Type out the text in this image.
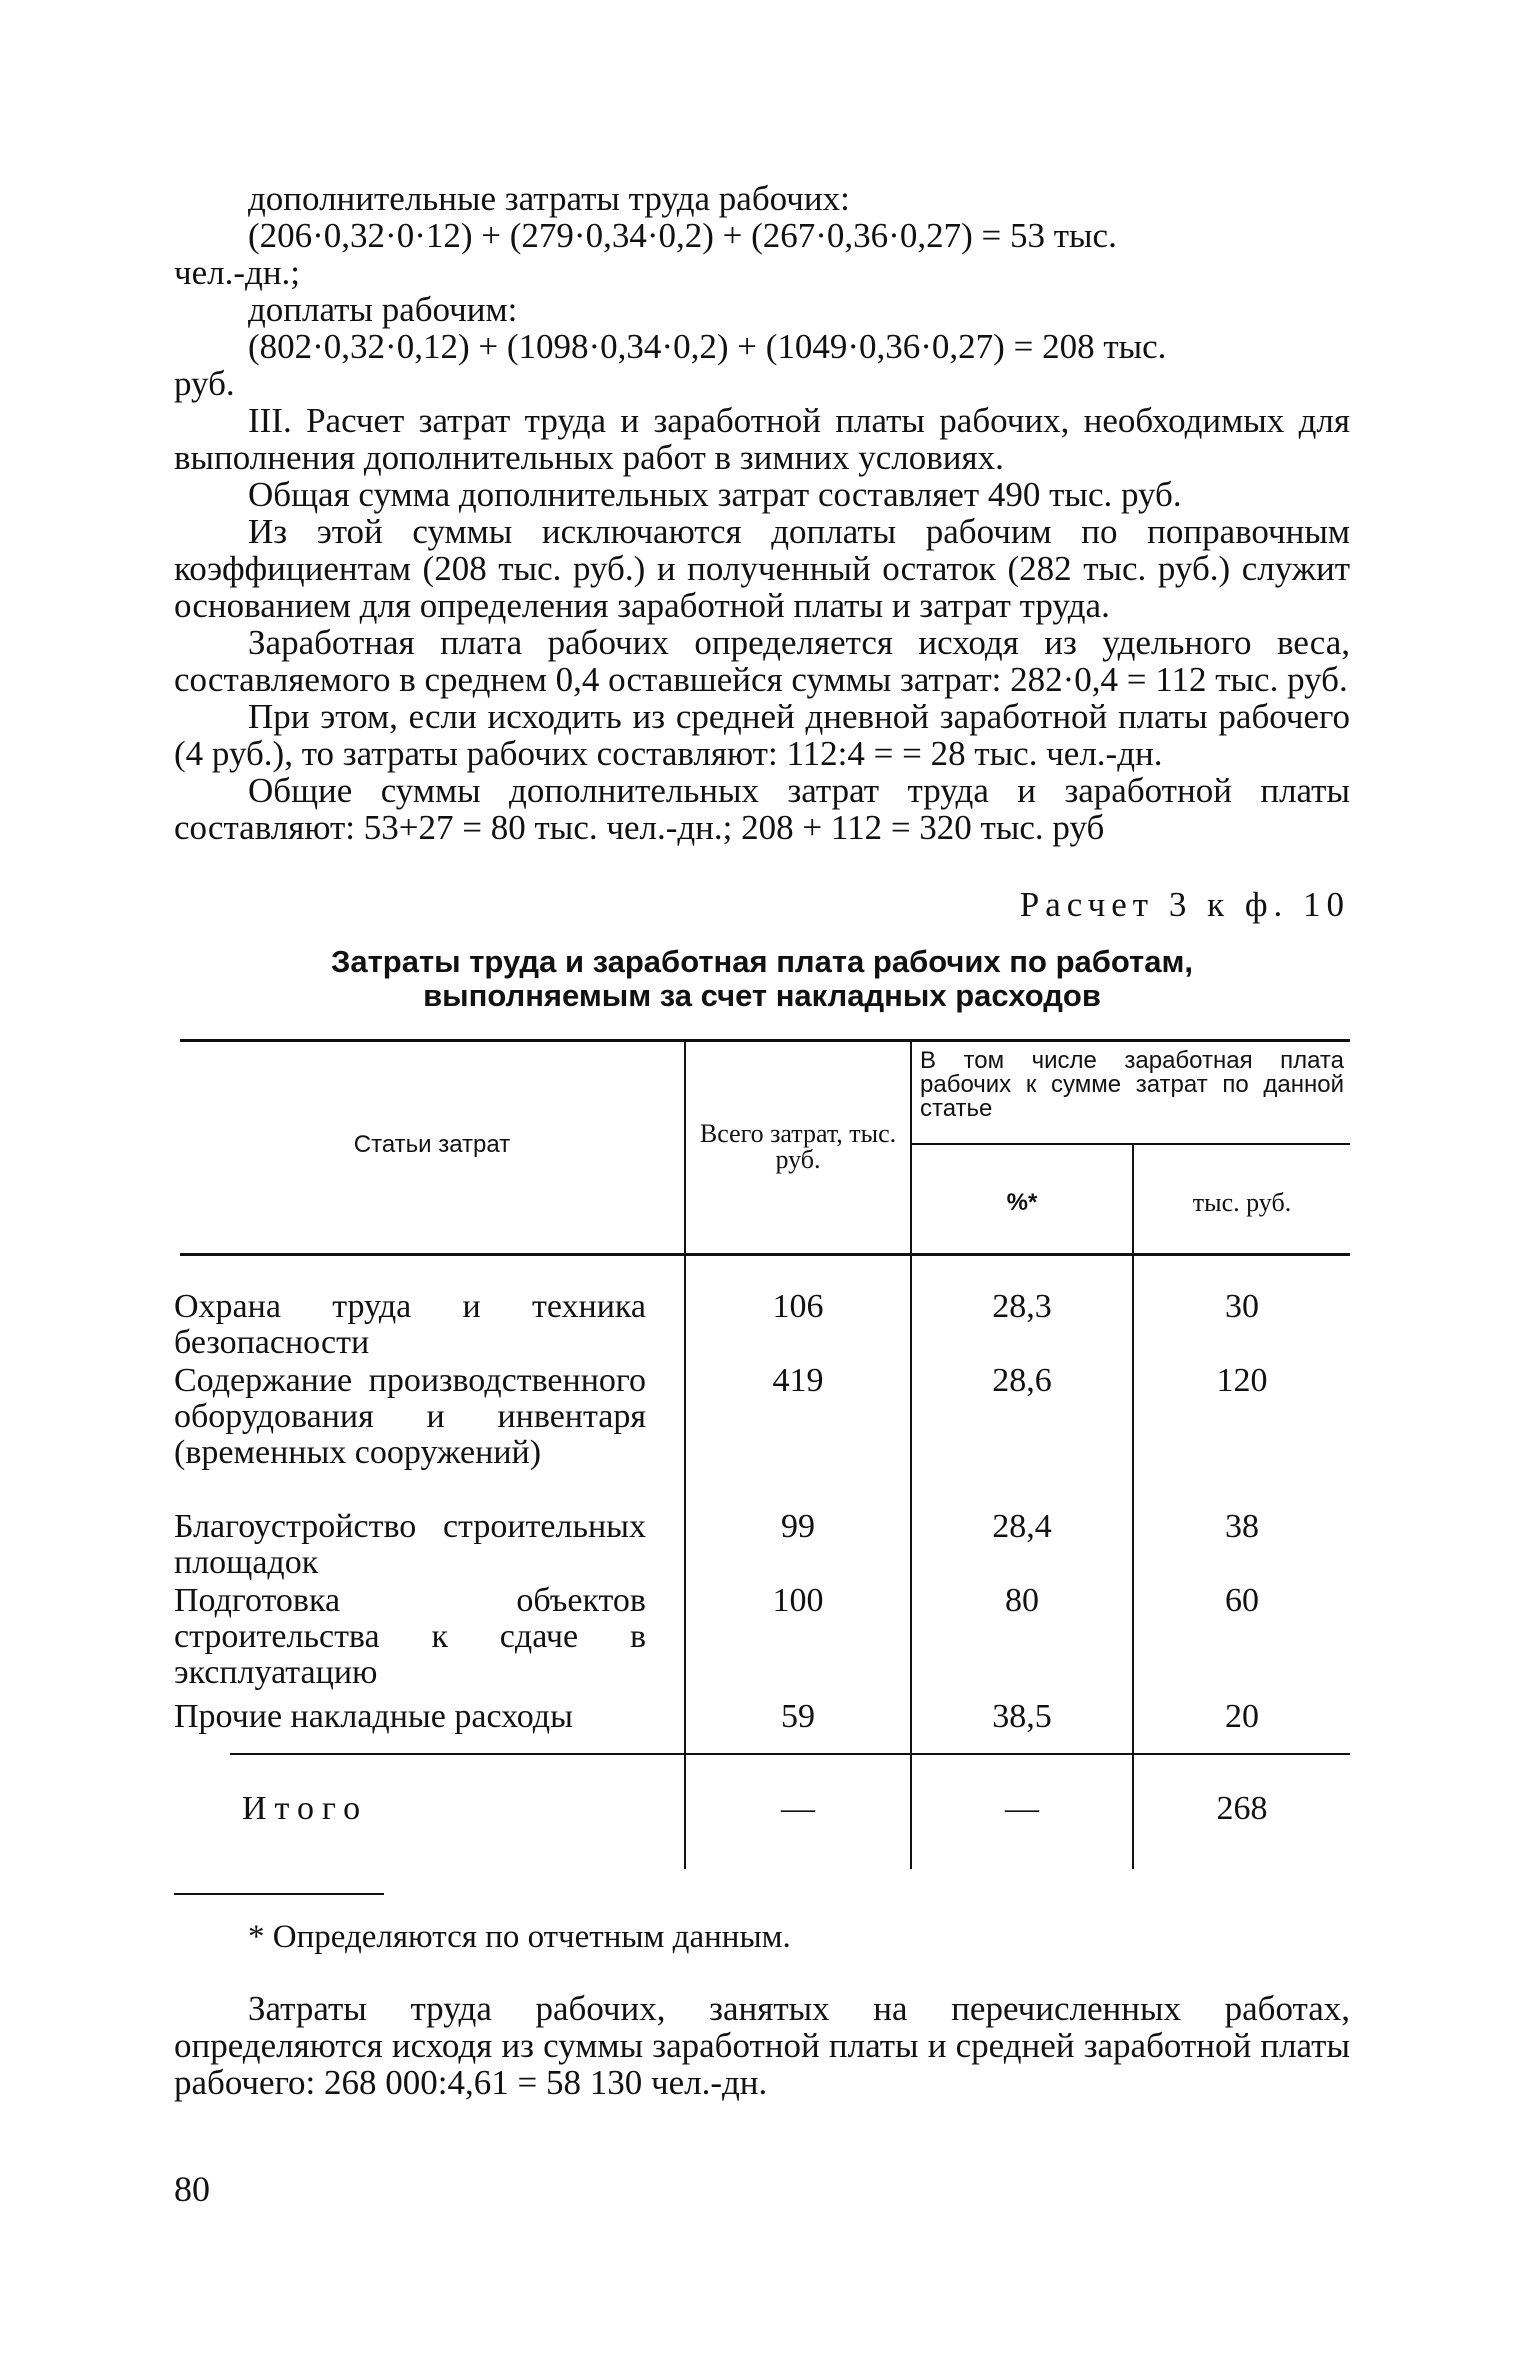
дополнительные затраты труда рабочих:

(206·0,32·0·12) + (279·0,34·0,2) + (267·0,36·0,27) = 53 тыс.

чел.-дн.;

доплаты рабочим:

(802·0,32·0,12) + (1098·0,34·0,2) + (1049·0,36·0,27) = 208 тыс.

руб.

III. Расчет затрат труда и заработной платы рабочих, необходимых для выполнения дополнительных работ в зимних условиях.

Общая сумма дополнительных затрат составляет 490 тыс. руб.

Из этой суммы исключаются доплаты рабочим по поправочным коэффициентам (208 тыс. руб.) и полученный остаток (282 тыс. руб.) служит основанием для определения заработной платы и затрат труда.

Заработная плата рабочих определяется исходя из удельного веса, составляемого в среднем 0,4 оставшейся суммы затрат: 282·0,4 = 112 тыс. руб.

При этом, если исходить из средней дневной заработной платы рабочего (4 руб.), то затраты рабочих составляют: 112:4 = = 28 тыс. чел.-дн.

Общие суммы дополнительных затрат труда и заработной платы составляют: 53+27 = 80 тыс. чел.-дн.; 208 + 112 = 320 тыс. руб

Расчет 3 к ф. 10
Затраты труда и заработная плата рабочих по работам,
выполняемым за счет накладных расходов
Статьи затрат	Всего затрат, тыс. руб.
В том числе заработная плата рабочих к сумме затрат по данной статье
%*	тыс. руб.
Охрана труда и техника безопасности
106	28,3	30
Содержание производственного оборудования и инвентаря (временных сооружений)
419	28,6	120
Благоустройство строительных площадок
99	28,4	38
Подготовка объектов строительства к сдаче в эксплуатацию
100	80	60
Прочие накладные расходы	59	38,5	20
Итого	—	—	268

* Определяются по отчетным данным.

Затраты труда рабочих, занятых на перечисленных работах, определяются исходя из суммы заработной платы и средней заработной платы рабочего: 268 000:4,61 = 58 130 чел.-дн.

80
